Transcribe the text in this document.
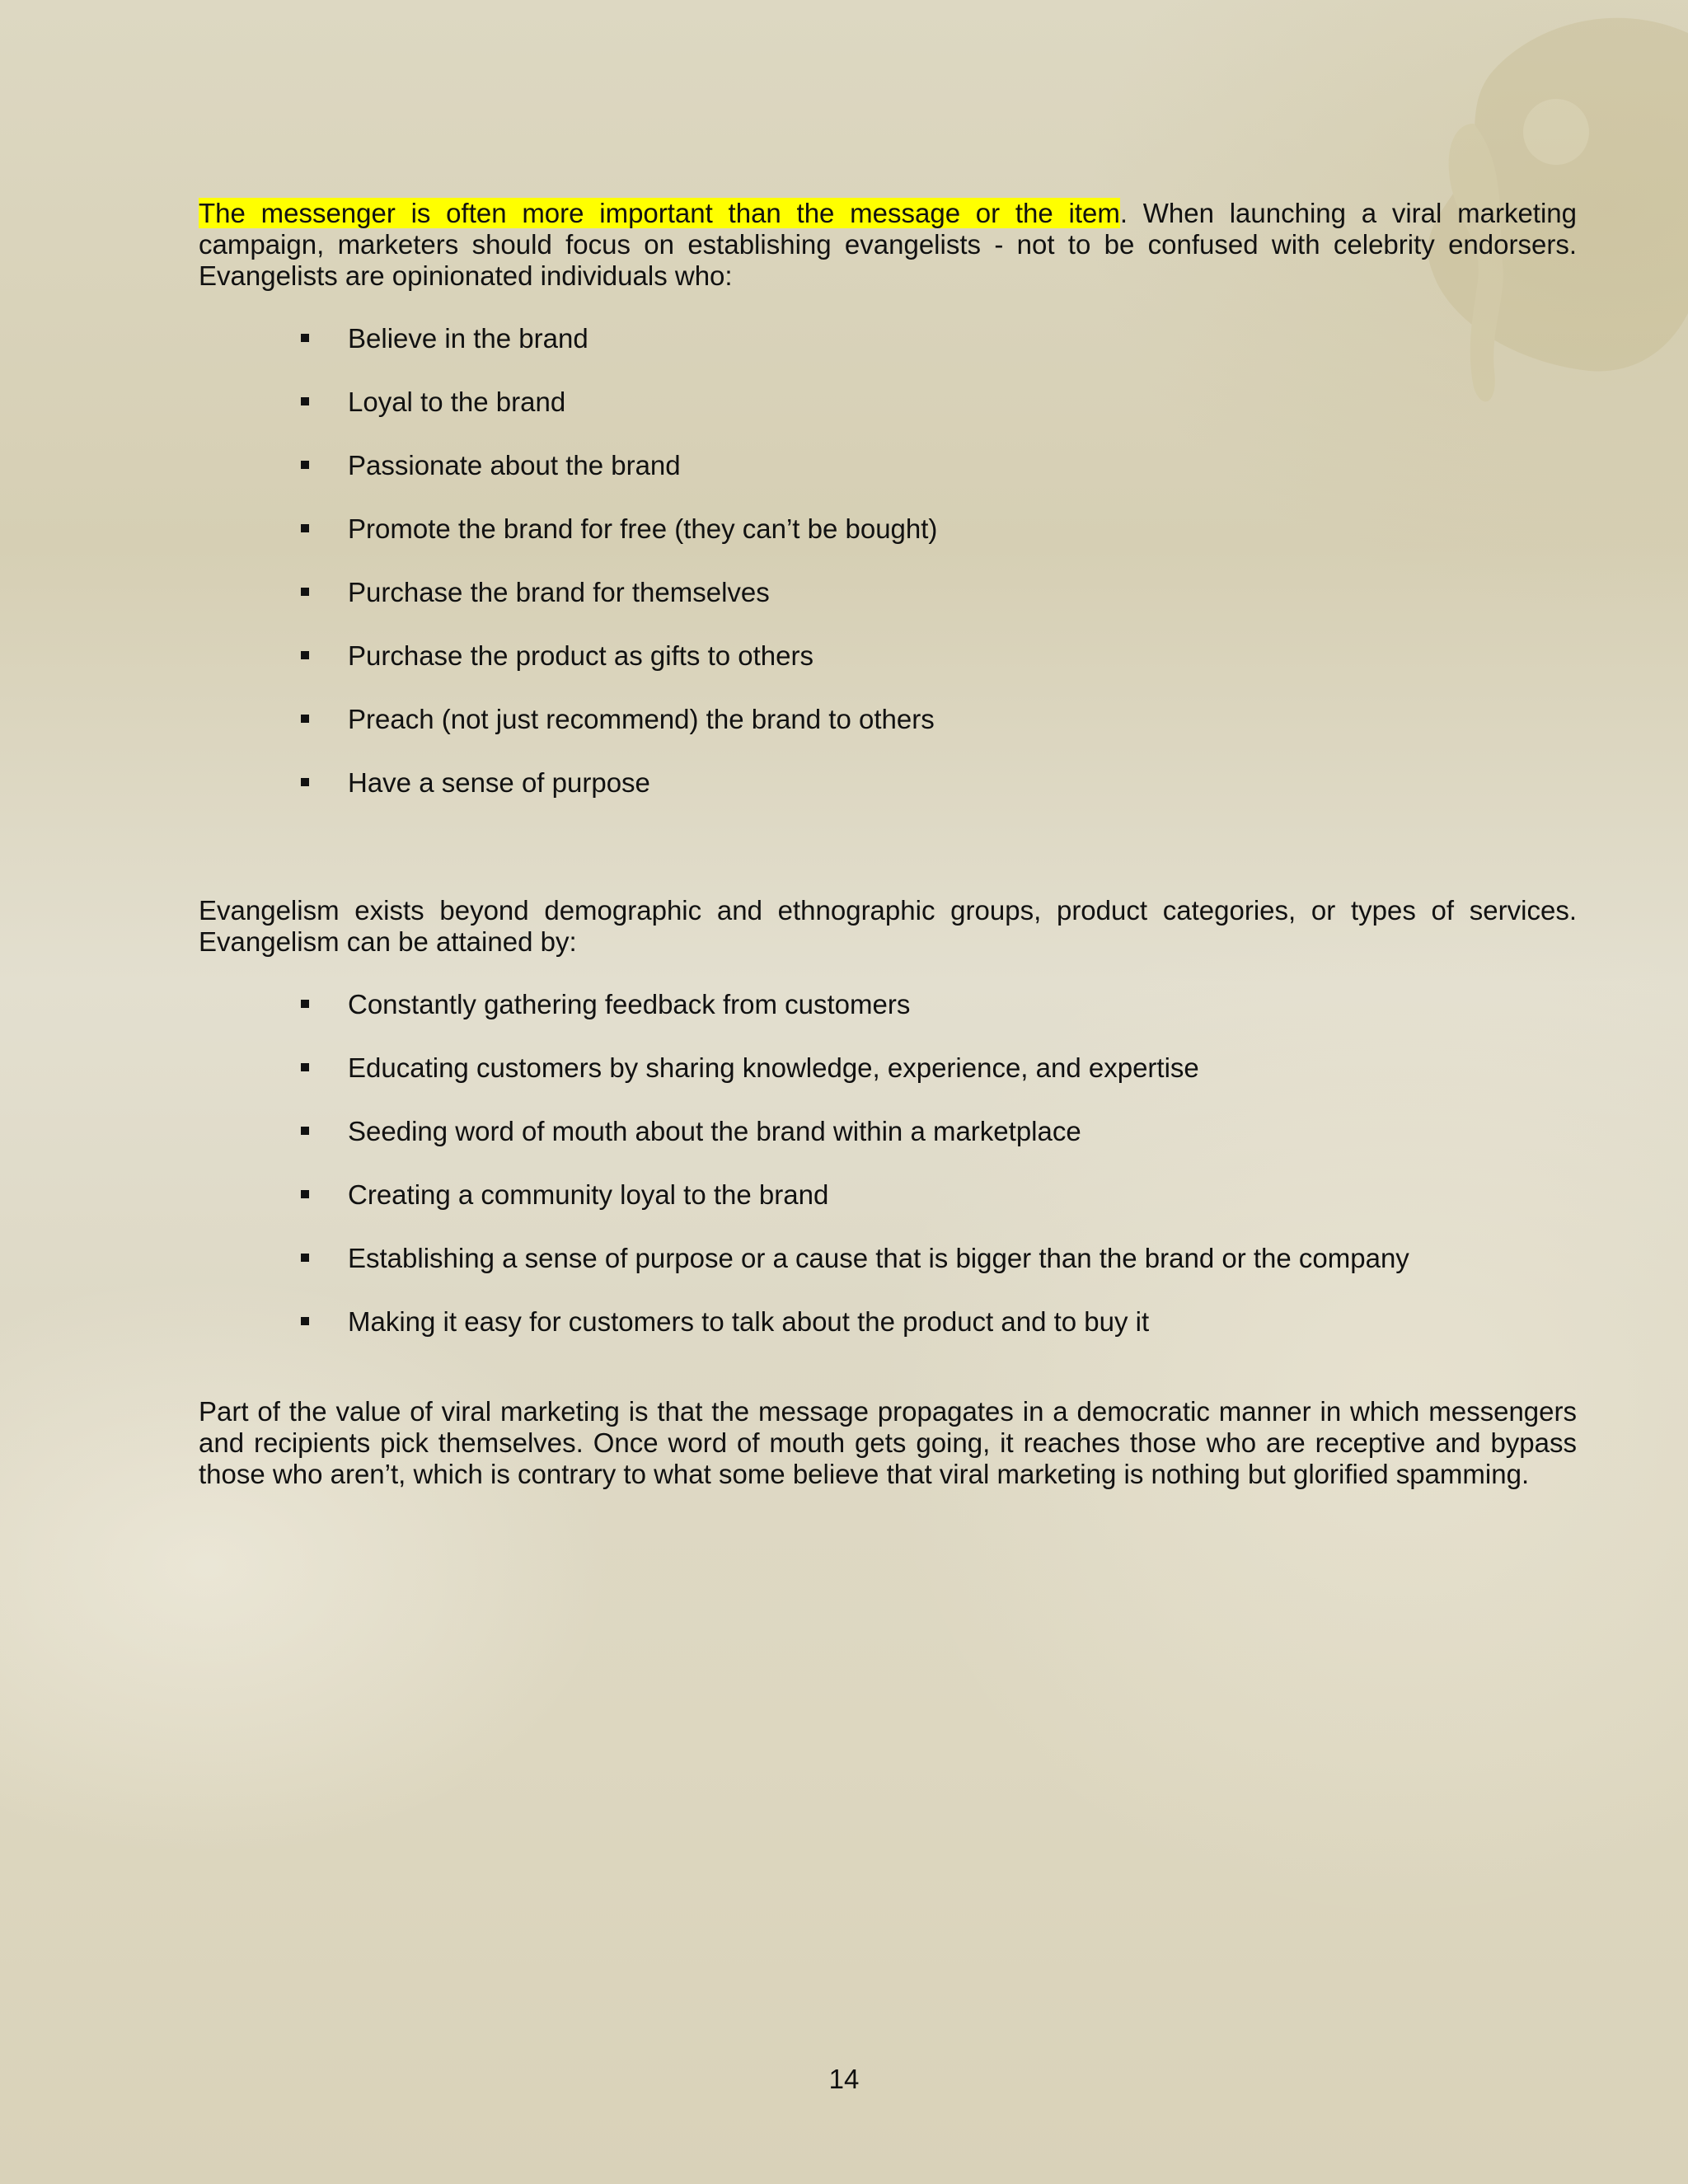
The messenger is often more important than the message or the item. When launching a viral marketing campaign, marketers should focus on establishing evangelists - not to be confused with celebrity endorsers. Evangelists are opinionated individuals who:

Believe in the brand
Loyal to the brand
Passionate about the brand
Promote the brand for free (they can’t be bought)
Purchase the brand for themselves
Purchase the product as gifts to others
Preach (not just recommend) the brand to others
Have a sense of purpose

Evangelism exists beyond demographic and ethnographic groups, product categories, or types of services. Evangelism can be attained by:

Constantly gathering feedback from customers
Educating customers by sharing knowledge, experience, and expertise
Seeding word of mouth about the brand within a marketplace
Creating a community loyal to the brand
Establishing a sense of purpose or a cause that is bigger than the brand or the company
Making it easy for customers to talk about the product and to buy it

Part of the value of viral marketing is that the message propagates in a democratic manner in which messengers and recipients pick themselves. Once word of mouth gets going, it reaches those who are receptive and bypass those who aren’t, which is contrary to what some believe that viral marketing is nothing but glorified spamming.

14
